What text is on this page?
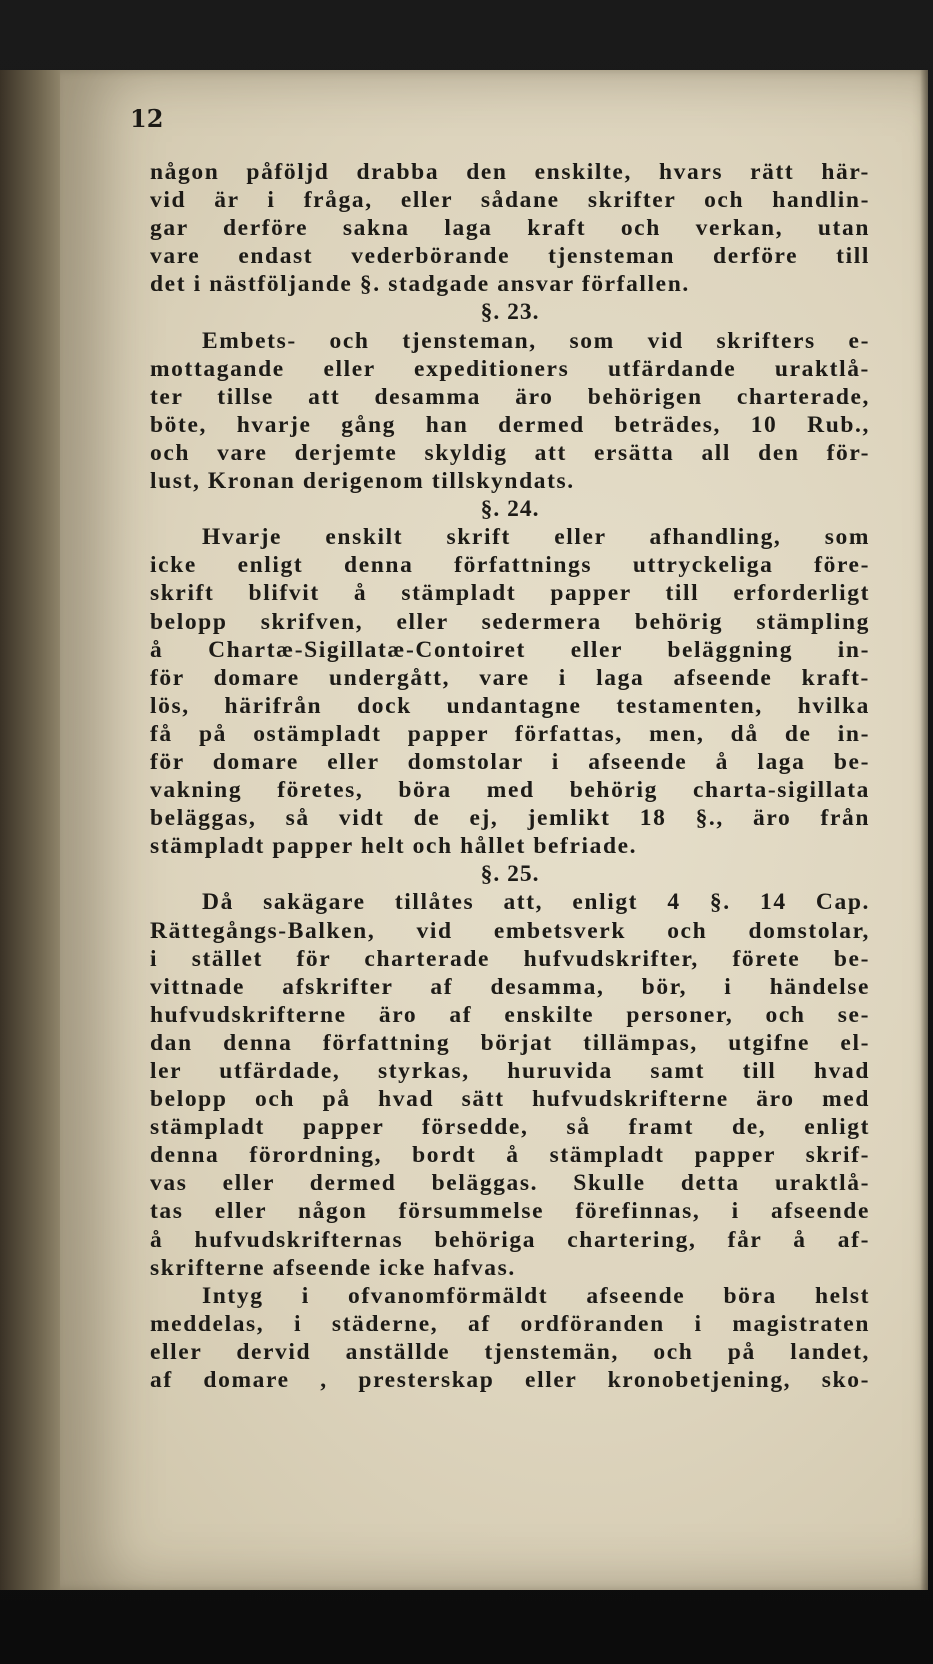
12
någon påföljd drabba den enskilte, hvars rätt här-
vid är i fråga, eller sådane skrifter och handlin-
gar derföre sakna laga kraft och verkan, utan
vare endast vederbörande tjensteman derföre till
det i nästföljande §. stadgade ansvar förfallen.
§. 23.
Embets- och tjensteman, som vid skrifters e-
mottagande eller expeditioners utfärdande uraktlå-
ter tillse att desamma äro behörigen charterade,
böte, hvarje gång han dermed beträdes, 10 Rub.,
och vare derjemte skyldig att ersätta all den för-
lust, Kronan derigenom tillskyndats.
§. 24.
Hvarje enskilt skrift eller afhandling, som
icke enligt denna författnings uttryckeliga före-
skrift blifvit å stämpladt papper till erforderligt
belopp skrifven, eller sedermera behörig stämpling
å Chartæ-Sigillatæ-Contoiret eller beläggning in-
för domare undergått, vare i laga afseende kraft-
lös, härifrån dock undantagne testamenten, hvilka
få på ostämpladt papper författas, men, då de in-
för domare eller domstolar i afseende å laga be-
vakning företes, böra med behörig charta-sigillata
beläggas, så vidt de ej, jemlikt 18 §., äro från
stämpladt papper helt och hållet befriade.
§. 25.
Då sakägare tillåtes att, enligt 4 §. 14 Cap.
Rättegångs-Balken, vid embetsverk och domstolar,
i stället för charterade hufvudskrifter, förete be-
vittnade afskrifter af desamma, bör, i händelse
hufvudskrifterne äro af enskilte personer, och se-
dan denna författning börjat tillämpas, utgifne el-
ler utfärdade, styrkas, huruvida samt till hvad
belopp och på hvad sätt hufvudskrifterne äro med
stämpladt papper försedde, så framt de, enligt
denna förordning, bordt å stämpladt papper skrif-
vas eller dermed beläggas. Skulle detta uraktlå-
tas eller någon försummelse förefinnas, i afseende
å hufvudskrifternas behöriga chartering, får å af-
skrifterne afseende icke hafvas.
Intyg i ofvanomförmäldt afseende böra helst
meddelas, i städerne, af ordföranden i magistraten
eller dervid anställde tjenstemän, och på landet,
af domare , presterskap eller kronobetjening, sko-
